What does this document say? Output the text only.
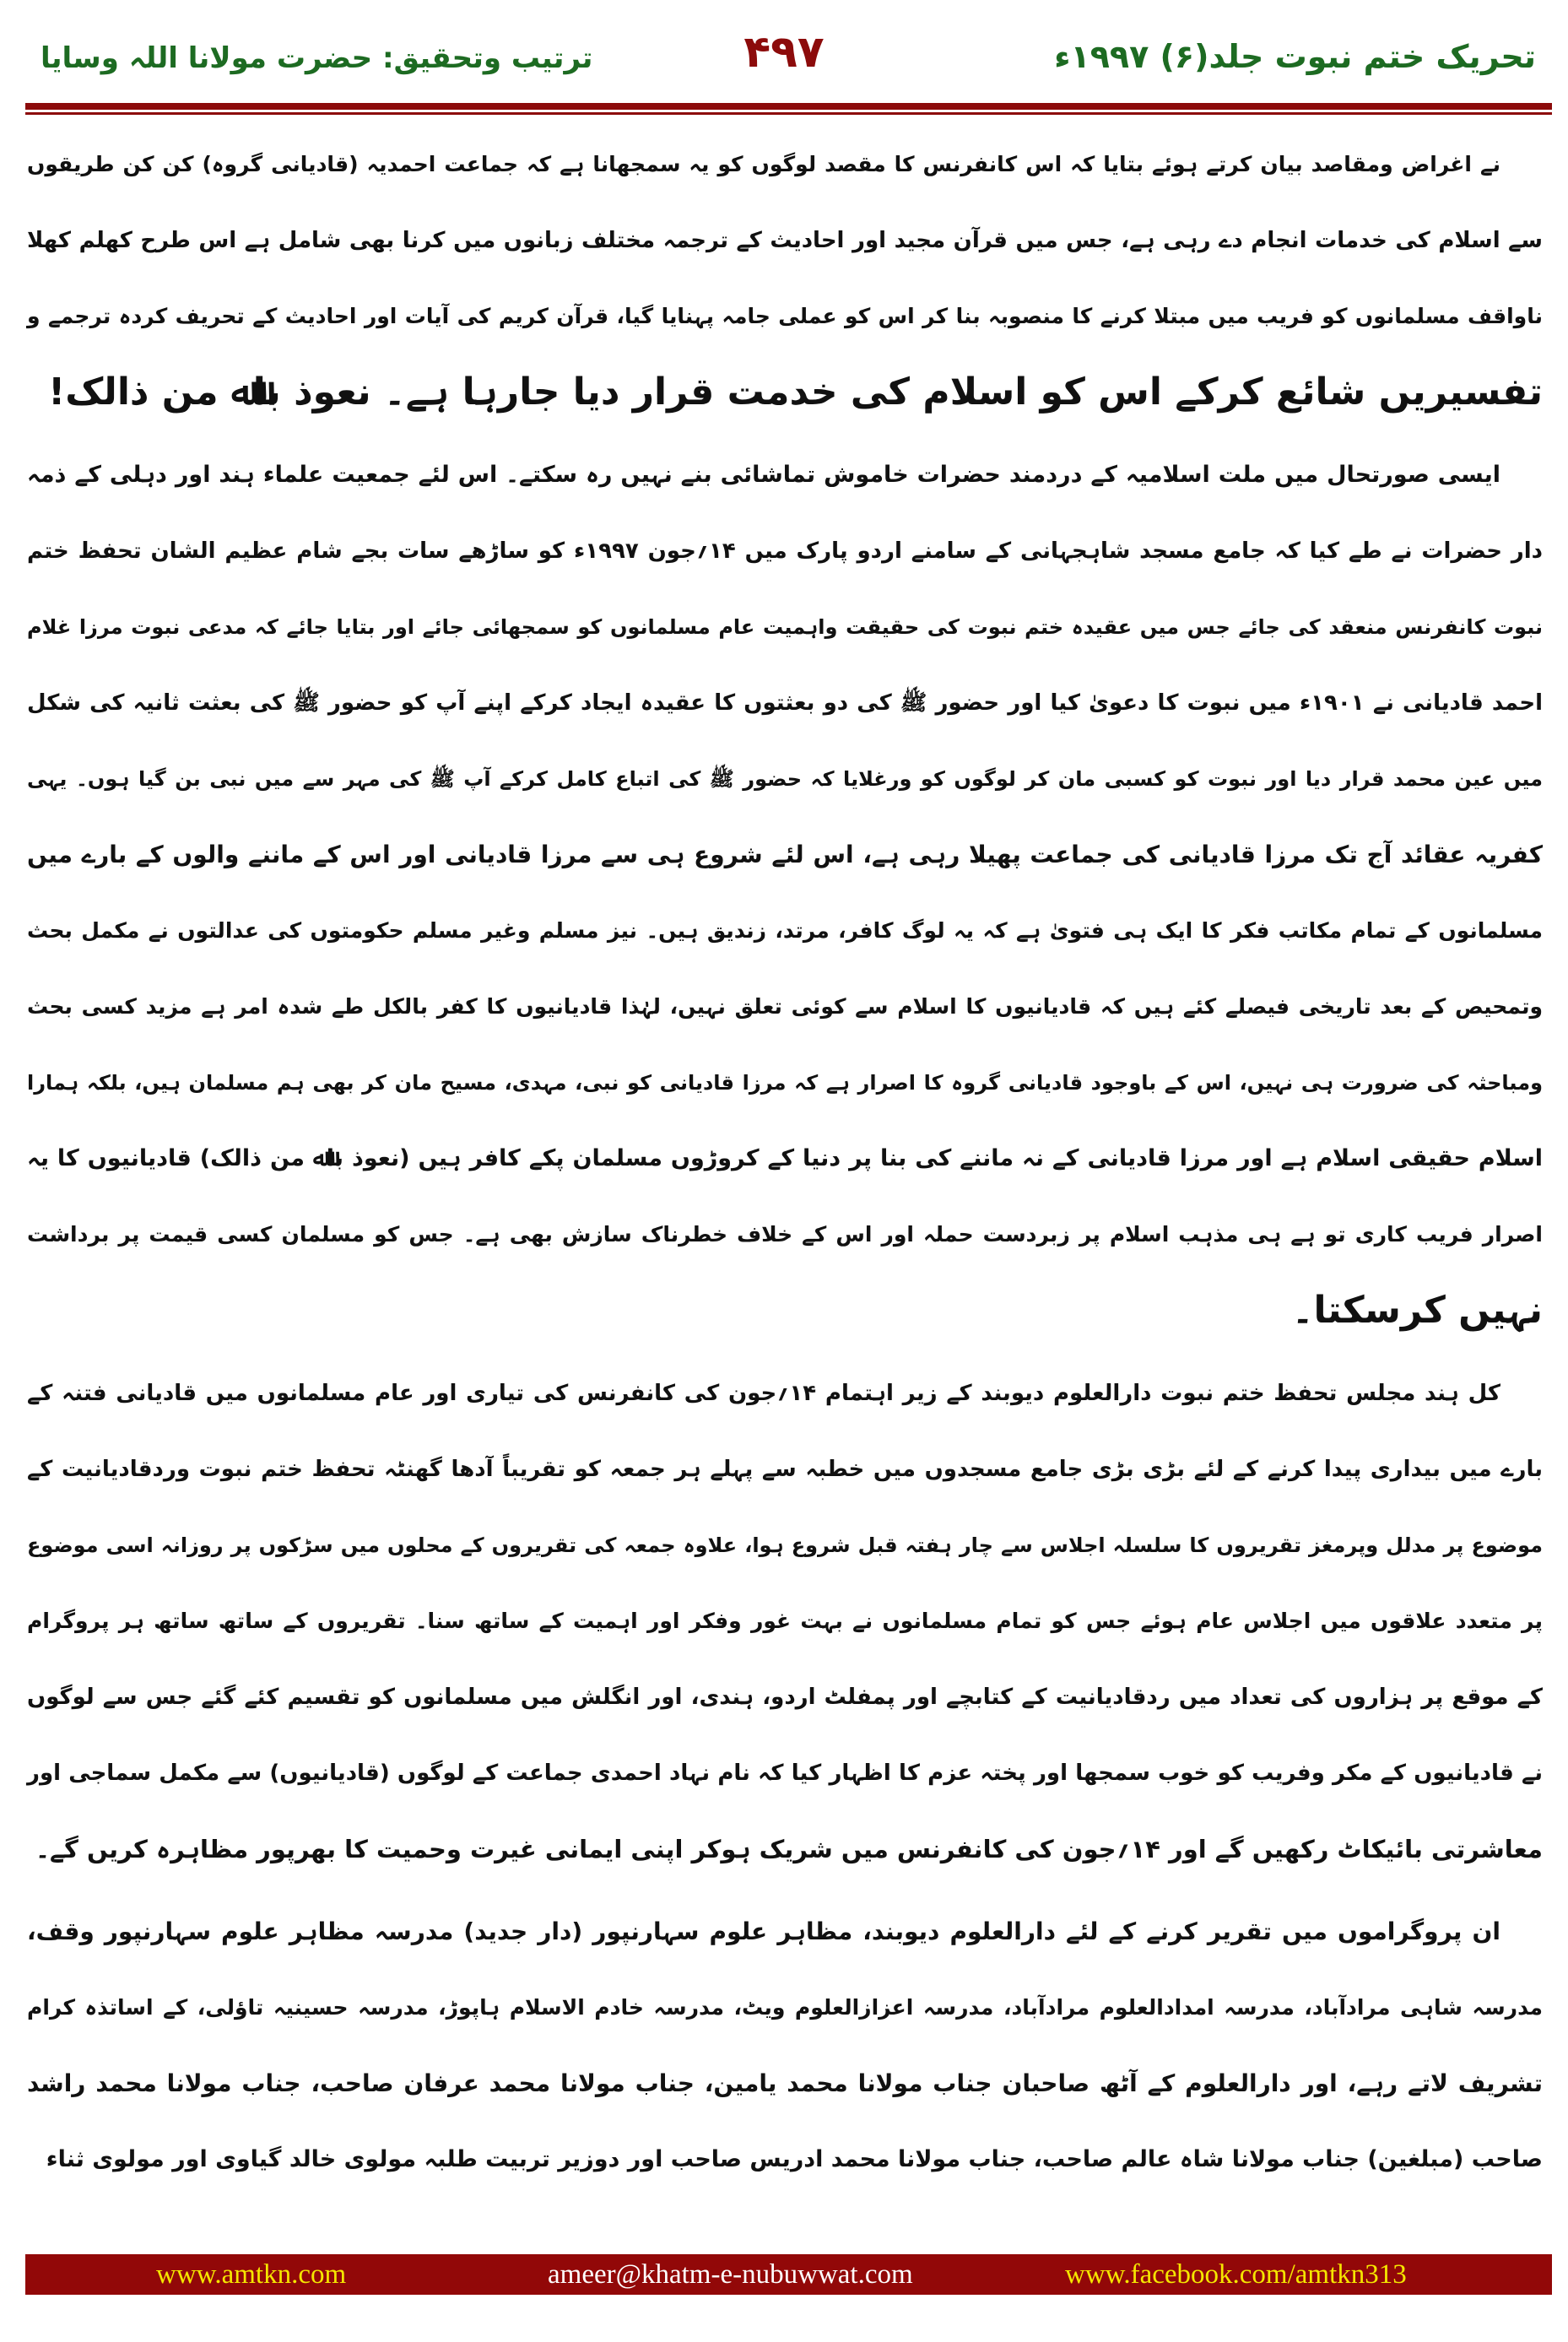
تحریک ختم نبوت جلد(۶) ۱۹۹۷ء
۴۹۷
ترتیب وتحقیق: حضرت مولانا اللہ وسایا
نے اغراض ومقاصد بیان کرتے ہوئے بتایا کہ اس کانفرنس کا مقصد لوگوں کو یہ سمجھانا ہے کہ جماعت احمدیہ (قادیانی گروہ) کن کن طریقوں
سے اسلام کی خدمات انجام دے رہی ہے، جس میں قرآن مجید اور احادیث کے ترجمہ مختلف زبانوں میں کرنا بھی شامل ہے اس طرح کھلم کھلا
ناواقف مسلمانوں کو فریب میں مبتلا کرنے کا منصوبہ بنا کر اس کو عملی جامہ پہنایا گیا، قرآن کریم کی آیات اور احادیث کے تحریف کردہ ترجمے و
تفسیریں شائع کرکے اس کو اسلام کی خدمت قرار دیا جارہا ہے۔ نعوذ باﷲ من ذالک!
ایسی صورتحال میں ملت اسلامیہ کے دردمند حضرات خاموش تماشائی بنے نہیں رہ سکتے۔ اس لئے جمعیت علماء ہند اور دہلی کے ذمہ
دار حضرات نے طے کیا کہ جامع مسجد شاہجہانی کے سامنے اردو پارک میں ۱۴؍جون ۱۹۹۷ء کو ساڑھے سات بجے شام عظیم الشان تحفظ ختم
نبوت کانفرنس منعقد کی جائے جس میں عقیدہ ختم نبوت کی حقیقت واہمیت عام مسلمانوں کو سمجھائی جائے اور بتایا جائے کہ مدعی نبوت مرزا غلام
احمد قادیانی نے ۱۹۰۱ء میں نبوت کا دعویٰ کیا اور حضور ﷺ کی دو بعثتوں کا عقیدہ ایجاد کرکے اپنے آپ کو حضور ﷺ کی بعثت ثانیہ کی شکل
میں عین محمد قرار دیا اور نبوت کو کسبی مان کر لوگوں کو ورغلایا کہ حضور ﷺ کی اتباع کامل کرکے آپ ﷺ کی مہر سے میں نبی بن گیا ہوں۔ یہی
کفریہ عقائد آج تک مرزا قادیانی کی جماعت پھیلا رہی ہے، اس لئے شروع ہی سے مرزا قادیانی اور اس کے ماننے والوں کے بارے میں
مسلمانوں کے تمام مکاتب فکر کا ایک ہی فتویٰ ہے کہ یہ لوگ کافر، مرتد، زندیق ہیں۔ نیز مسلم وغیر مسلم حکومتوں کی عدالتوں نے مکمل بحث
وتمحیص کے بعد تاریخی فیصلے کئے ہیں کہ قادیانیوں کا اسلام سے کوئی تعلق نہیں، لہٰذا قادیانیوں کا کفر بالکل طے شدہ امر ہے مزید کسی بحث
ومباحثہ کی ضرورت ہی نہیں، اس کے باوجود قادیانی گروہ کا اصرار ہے کہ مرزا قادیانی کو نبی، مہدی، مسیح مان کر بھی ہم مسلمان ہیں، بلکہ ہمارا
اسلام حقیقی اسلام ہے اور مرزا قادیانی کے نہ ماننے کی بنا پر دنیا کے کروڑوں مسلمان پکے کافر ہیں (نعوذ باﷲ من ذالک) قادیانیوں کا یہ
اصرار فریب کاری تو ہے ہی مذہب اسلام پر زبردست حملہ اور اس کے خلاف خطرناک سازش بھی ہے۔ جس کو مسلمان کسی قیمت پر برداشت
نہیں کرسکتا۔
کل ہند مجلس تحفظ ختم نبوت دارالعلوم دیوبند کے زیر اہتمام ۱۴؍جون کی کانفرنس کی تیاری اور عام مسلمانوں میں قادیانی فتنہ کے
بارے میں بیداری پیدا کرنے کے لئے بڑی بڑی جامع مسجدوں میں خطبہ سے پہلے ہر جمعہ کو تقریباً آدھا گھنٹہ تحفظ ختم نبوت وردقادیانیت کے
موضوع پر مدلل وپرمغز تقریروں کا سلسلہ اجلاس سے چار ہفتہ قبل شروع ہوا، علاوہ جمعہ کی تقریروں کے محلوں میں سڑکوں پر روزانہ اسی موضوع
پر متعدد علاقوں میں اجلاس عام ہوئے جس کو تمام مسلمانوں نے بہت غور وفکر اور اہمیت کے ساتھ سنا۔ تقریروں کے ساتھ ساتھ ہر پروگرام
کے موقع پر ہزاروں کی تعداد میں ردقادیانیت کے کتابچے اور پمفلٹ اردو، ہندی، اور انگلش میں مسلمانوں کو تقسیم کئے گئے جس سے لوگوں
نے قادیانیوں کے مکر وفریب کو خوب سمجھا اور پختہ عزم کا اظہار کیا کہ نام نہاد احمدی جماعت کے لوگوں (قادیانیوں) سے مکمل سماجی اور
معاشرتی بائیکاٹ رکھیں گے اور ۱۴؍جون کی کانفرنس میں شریک ہوکر اپنی ایمانی غیرت وحمیت کا بھرپور مظاہرہ کریں گے۔
ان پروگراموں میں تقریر کرنے کے لئے دارالعلوم دیوبند، مظاہر علوم سہارنپور (دار جدید) مدرسہ مظاہر علوم سہارنپور وقف،
مدرسہ شاہی مرادآباد، مدرسہ امدادالعلوم مرادآباد، مدرسہ اعزازالعلوم ویٹ، مدرسہ خادم الاسلام ہاپوڑ، مدرسہ حسینیہ تاؤلی، کے اساتذہ کرام
تشریف لاتے رہے، اور دارالعلوم کے آٹھ صاحبان جناب مولانا محمد یامین، جناب مولانا محمد عرفان صاحب، جناب مولانا محمد راشد
صاحب (مبلغین) جناب مولانا شاہ عالم صاحب، جناب مولانا محمد ادریس صاحب اور دوزیر تربیت طلبہ مولوی خالد گیاوی اور مولوی ثناء
www.amtkn.com	ameer@khatm-e-nubuwwat.com	www.facebook.com/amtkn313
